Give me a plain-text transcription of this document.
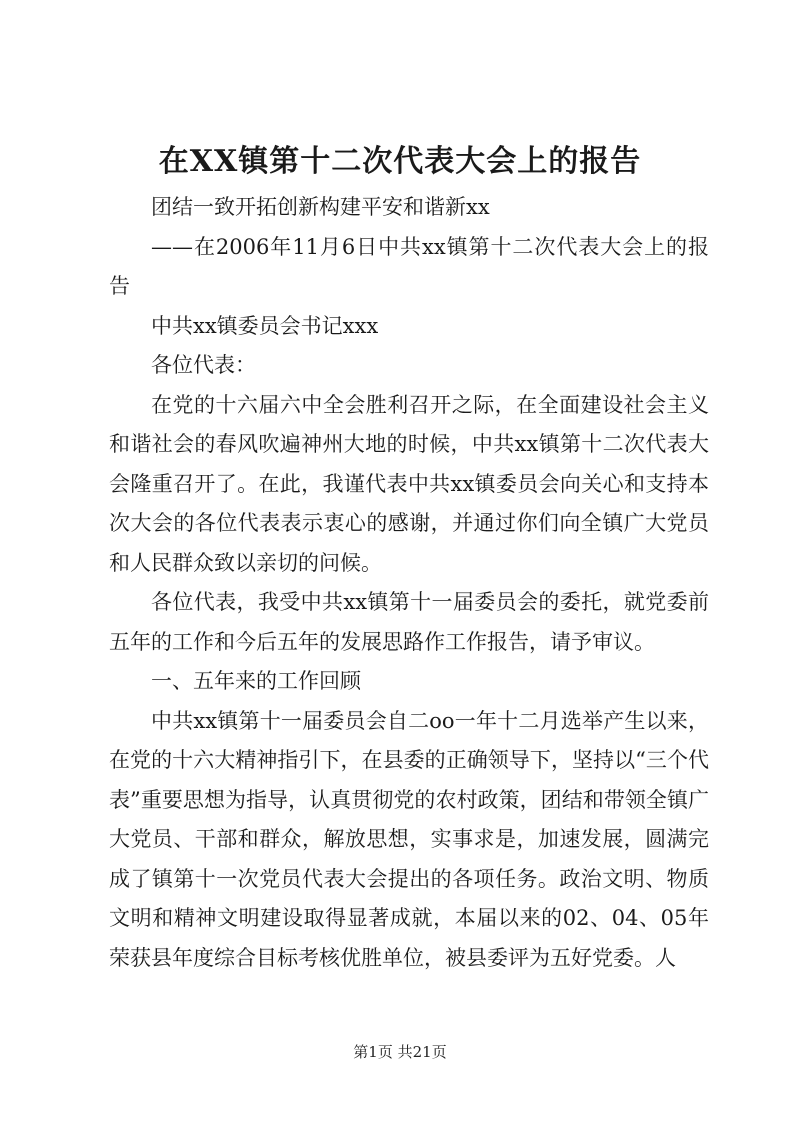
在XX镇第十二次代表大会上的报告

团结一致开拓创新构建平安和谐新xx

——在2006年11月6日中共xx镇第十二次代表大会上的报告

中共xx镇委员会书记xxx

各位代表：

在党的十六届六中全会胜利召开之际，在全面建设社会主义和谐社会的春风吹遍神州大地的时候，中共xx镇第十二次代表大会隆重召开了。在此，我谨代表中共xx镇委员会向关心和支持本次大会的各位代表表示衷心的感谢，并通过你们向全镇广大党员和人民群众致以亲切的问候。

各位代表，我受中共xx镇第十一届委员会的委托，就党委前五年的工作和今后五年的发展思路作工作报告，请予审议。

一、五年来的工作回顾

中共xx镇第十一届委员会自二oo一年十二月选举产生以来，在党的十六大精神指引下，在县委的正确领导下，坚持以“三个代表”重要思想为指导，认真贯彻党的农村政策，团结和带领全镇广大党员、干部和群众，解放思想，实事求是，加速发展，圆满完成了镇第十一次党员代表大会提出的各项任务。政治文明、物质文明和精神文明建设取得显著成就，本届以来的02、04、05年荣获县年度综合目标考核优胜单位，被县委评为五好党委。人

第1页 共21页
